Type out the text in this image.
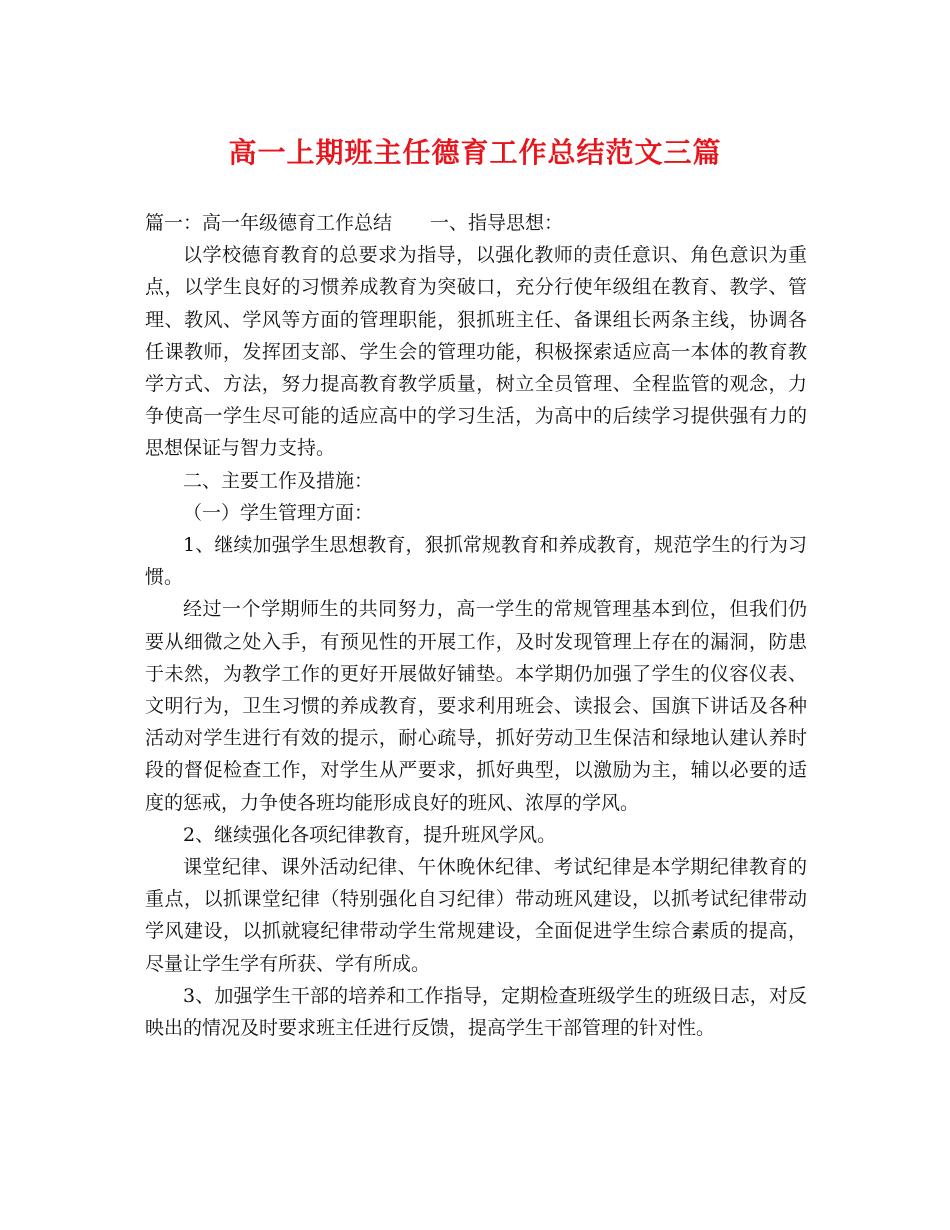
高一上期班主任德育工作总结范文三篇

篇一：高一年级德育工作总结 一、指导思想：

以学校德育教育的总要求为指导，以强化教师的责任意识、角色意识为重点，以学生良好的习惯养成教育为突破口，充分行使年级组在教育、教学、管理、教风、学风等方面的管理职能，狠抓班主任、备课组长两条主线，协调各任课教师，发挥团支部、学生会的管理功能，积极探索适应高一本体的教育教学方式、方法，努力提高教育教学质量，树立全员管理、全程监管的观念，力争使高一学生尽可能的适应高中的学习生活，为高中的后续学习提供强有力的思想保证与智力支持。

二、主要工作及措施：

（一）学生管理方面：

1、继续加强学生思想教育，狠抓常规教育和养成教育，规范学生的行为习惯。

经过一个学期师生的共同努力，高一学生的常规管理基本到位，但我们仍要从细微之处入手，有预见性的开展工作，及时发现管理上存在的漏洞，防患于未然，为教学工作的更好开展做好铺垫。本学期仍加强了学生的仪容仪表、文明行为，卫生习惯的养成教育，要求利用班会、读报会、国旗下讲话及各种活动对学生进行有效的提示，耐心疏导，抓好劳动卫生保洁和绿地认建认养时段的督促检查工作，对学生从严要求，抓好典型，以激励为主，辅以必要的适度的惩戒，力争使各班均能形成良好的班风、浓厚的学风。

2、继续强化各项纪律教育，提升班风学风。

课堂纪律、课外活动纪律、午休晚休纪律、考试纪律是本学期纪律教育的重点，以抓课堂纪律（特别强化自习纪律）带动班风建设，以抓考试纪律带动学风建设，以抓就寝纪律带动学生常规建设，全面促进学生综合素质的提高，尽量让学生学有所获、学有所成。

3、加强学生干部的培养和工作指导，定期检查班级学生的班级日志，对反映出的情况及时要求班主任进行反馈，提高学生干部管理的针对性。
